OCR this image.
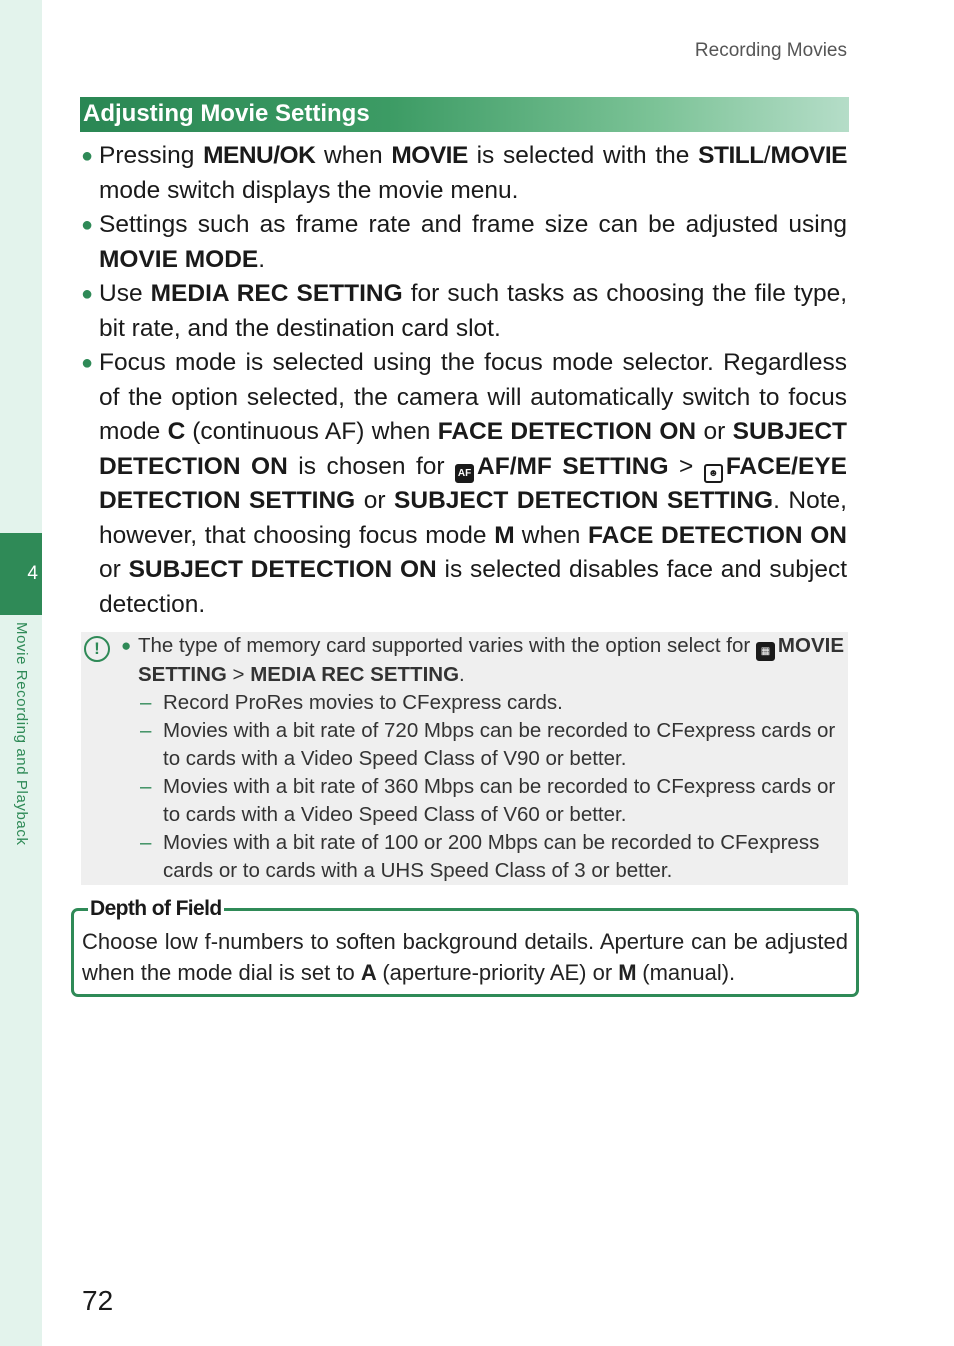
4
Movie Recording and Playback
Recording Movies
Adjusting Movie Settings
● Pressing MENU/OK when MOVIE is selected with the STILL/MOVIE mode switch displays the movie menu.
● Settings such as frame rate and frame size can be adjusted using MOVIE MODE.
● Use MEDIA REC SETTING for such tasks as choosing the file type, bit rate, and the destination card slot.
● Focus mode is selected using the focus mode selector. Regardless of the option selected, the camera will automatically switch to focus mode C (continuous AF) when FACE DETECTION ON or SUBJECT DETECTION ON is chosen for AF AF/MF SETTING > ☻ FACE/EYE DETECTION SETTING or SUBJECT DETECTION SETTING. Note, however, that choosing focus mode M when FACE DETECTION ON or SUBJECT DETECTION ON is selected disables face and subject detection.
!	● The type of memory card supported varies with the option select for ▦ MOVIE SETTING > MEDIA REC SETTING.
– Record ProRes movies to CFexpress cards.
– Movies with a bit rate of 720 Mbps can be recorded to CFexpress cards or to cards with a Video Speed Class of V90 or better.
– Movies with a bit rate of 360 Mbps can be recorded to CFexpress cards or to cards with a Video Speed Class of V60 or better.
– Movies with a bit rate of 100 or 200 Mbps can be recorded to CFexpress cards or to cards with a UHS Speed Class of 3 or better.
Depth of Field
Choose low f-numbers to soften background details. Aperture can be adjusted when the mode dial is set to A (aperture-priority AE) or M (manual).
72
